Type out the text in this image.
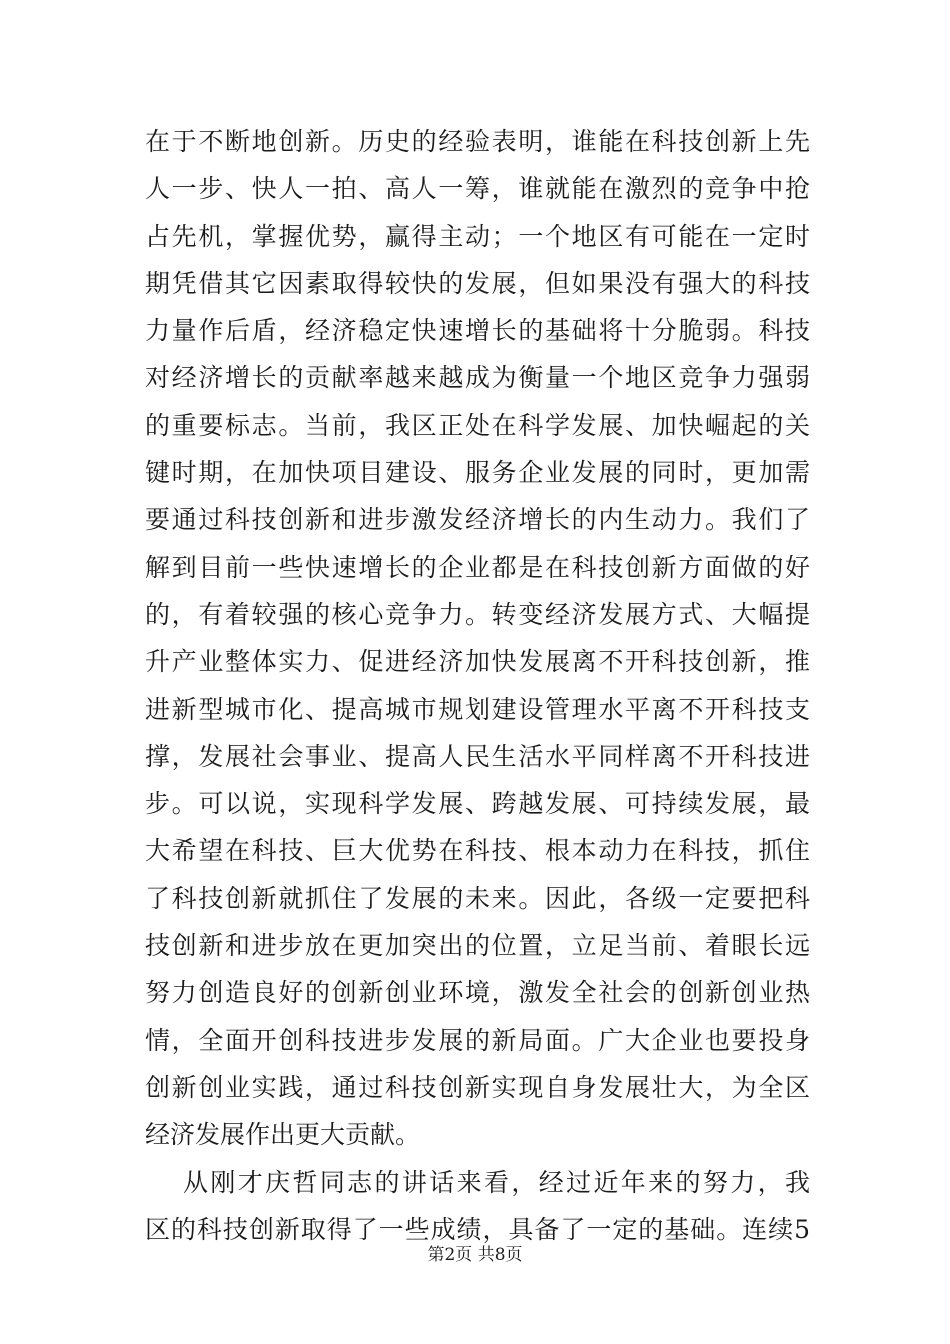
在于不断地创新。历史的经验表明，谁能在科技创新上先
人一步、快人一拍、高人一筹，谁就能在激烈的竞争中抢
占先机，掌握优势，赢得主动；一个地区有可能在一定时
期凭借其它因素取得较快的发展，但如果没有强大的科技
力量作后盾，经济稳定快速增长的基础将十分脆弱。科技
对经济增长的贡献率越来越成为衡量一个地区竞争力强弱
的重要标志。当前，我区正处在科学发展、加快崛起的关
键时期，在加快项目建设、服务企业发展的同时，更加需
要通过科技创新和进步激发经济增长的内生动力。我们了
解到目前一些快速增长的企业都是在科技创新方面做的好
的，有着较强的核心竞争力。转变经济发展方式、大幅提
升产业整体实力、促进经济加快发展离不开科技创新，推
进新型城市化、提高城市规划建设管理水平离不开科技支
撑，发展社会事业、提高人民生活水平同样离不开科技进
步。可以说，实现科学发展、跨越发展、可持续发展，最
大希望在科技、巨大优势在科技、根本动力在科技，抓住
了科技创新就抓住了发展的未来。因此，各级一定要把科
技创新和进步放在更加突出的位置，立足当前、着眼长远
努力创造良好的创新创业环境，激发全社会的创新创业热
情，全面开创科技进步发展的新局面。广大企业也要投身
创新创业实践，通过科技创新实现自身发展壮大，为全区
经济发展作出更大贡献。
从刚才庆哲同志的讲话来看，经过近年来的努力，我
区的科技创新取得了一些成绩，具备了一定的基础。连续5
第2页 共8页
